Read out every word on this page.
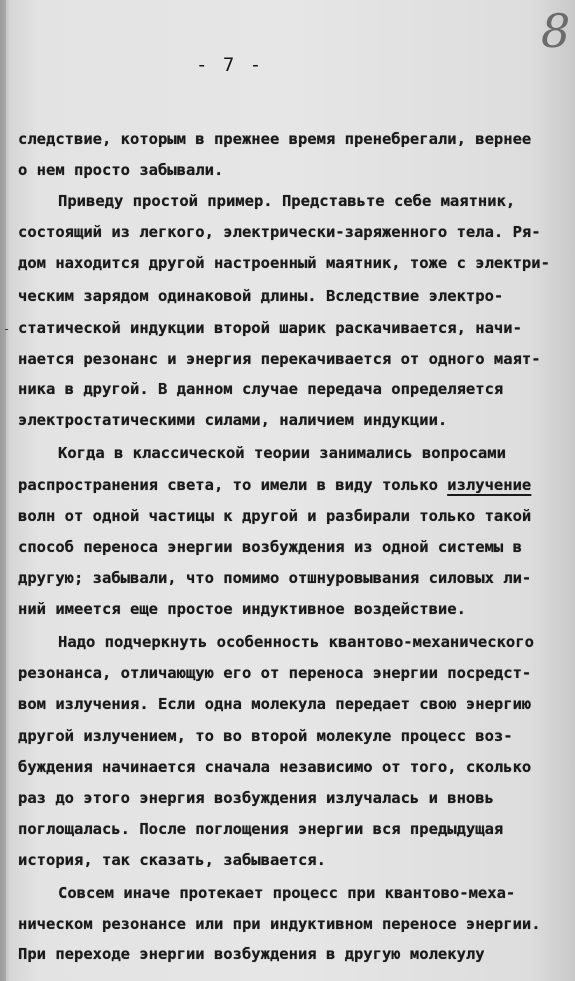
8
- 7 -
-
следствие, которым в прежнее время пренебрегали, вернее
о нем просто забывали.
Приведу простой пример. Представьте себе маятник,
состоящий из легкого, электрически-заряженного тела. Ря-
дом находится другой настроенный маятник, тоже с электри-
ческим зарядом одинаковой длины. Вследствие электро-
статической индукции второй шарик раскачивается, начи-
нается резонанс и энергия перекачивается от одного маят-
ника в другой. В данном случае передача определяется
электростатическими силами, наличием индукции.
Когда в классической теории занимались вопросами
распространения света, то имели в виду только излучение
волн от одной частицы к другой и разбирали только такой
способ переноса энергии возбуждения из одной системы в
другую; забывали, что помимо отшнуровывания силовых ли-
ний имеется еще простое индуктивное воздействие.
Надо подчеркнуть особенность квантово-механического
резонанса, отличающую его от переноса энергии посредст-
вом излучения. Если одна молекула передает свою энергию
другой излучением, то во второй молекуле процесс воз-
буждения начинается сначала независимо от того, сколько
раз до этого энергия возбуждения излучалась и вновь
поглощалась. После поглощения энергии вся предыдущая
история, так сказать, забывается.
Совсем иначе протекает процесс при квантово-меха-
ническом резонансе или при индуктивном переносе энергии.
При переходе энергии возбуждения в другую молекулу
